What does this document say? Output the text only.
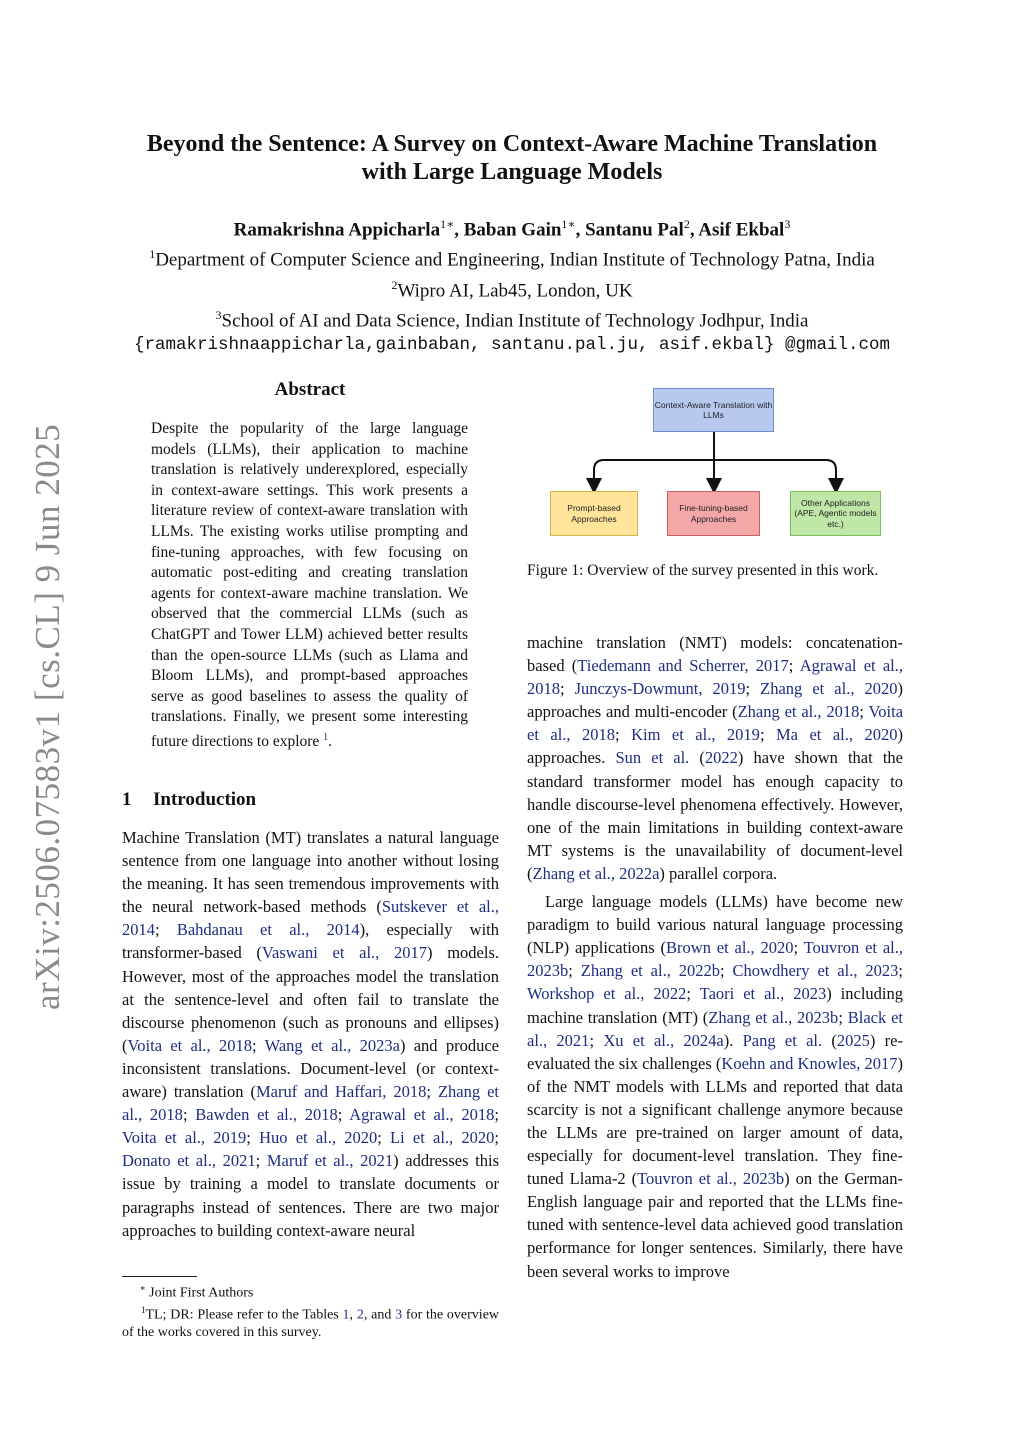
Beyond the Sentence: A Survey on Context-Aware Machine Translation
with Large Language Models
Ramakrishna Appicharla$^{1∗}$, Baban Gain$^{1∗}$, Santanu Pal$^2$, Asif Ekbal$^3$
$^1$Department of Computer Science and Engineering, Indian Institute of Technology Patna, India
$^2$Wipro AI, Lab45, London, UK
$^3$School of AI and Data Science, Indian Institute of Technology Jodhpur, India
{ramakrishnaappicharla,gainbaban, santanu.pal.ju, asif.ekbal} @gmail.com
arXiv:2506.07583v1 [cs.CL] 9 Jun 2025
Abstract
Despite the popularity of the large language models (LLMs), their application to machine translation is relatively underexplored, especially in context-aware settings. This work presents a literature review of context-aware translation with LLMs. The existing works utilise prompting and fine-tuning approaches, with few focusing on automatic post-editing and creating translation agents for context-aware machine translation. We observed that the commercial LLMs (such as ChatGPT and Tower LLM) achieved better results than the open-source LLMs (such as Llama and Bloom LLMs), and prompt-based approaches serve as good baselines to assess the quality of translations. Finally, we present some interesting future directions to explore $^1$.
1 Introduction
Machine Translation (MT) translates a natural language sentence from one language into another without losing the meaning. It has seen tremendous improvements with the neural network-based methods (Sutskever et al., 2014; Bahdanau et al., 2014), especially with transformer-based (Vaswani et al., 2017) models. However, most of the approaches model the translation at the sentence-level and often fail to translate the discourse phenomenon (such as pronouns and ellipses) (Voita et al., 2018; Wang et al., 2023a) and produce inconsistent translations. Document-level (or context-aware) translation (Maruf and Haffari, 2018; Zhang et al., 2018; Bawden et al., 2018; Agrawal et al., 2018; Voita et al., 2019; Huo et al., 2020; Li et al., 2020; Donato et al., 2021; Maruf et al., 2021) addresses this issue by training a model to translate documents or paragraphs instead of sentences. There are two major approaches to building context-aware neural

∗ Joint First Authors

$^1$TL; DR: Please refer to the Tables 1, 2, and 3 for the overview of the works covered in this survey.

Context-Aware Translation with LLMs
Prompt-based Approaches
Fine-tuning-based Approaches
Other Applications (APE, Agentic models etc.)
Figure 1: Overview of the survey presented in this work.

machine translation (NMT) models: concatenation-based (Tiedemann and Scherrer, 2017; Agrawal et al., 2018; Junczys-Dowmunt, 2019; Zhang et al., 2020) approaches and multi-encoder (Zhang et al., 2018; Voita et al., 2018; Kim et al., 2019; Ma et al., 2020) approaches. Sun et al. (2022) have shown that the standard transformer model has enough capacity to handle discourse-level phenomena effectively. However, one of the main limitations in building context-aware MT systems is the unavailability of document-level (Zhang et al., 2022a) parallel corpora.

Large language models (LLMs) have become new paradigm to build various natural language processing (NLP) applications (Brown et al., 2020; Touvron et al., 2023b; Zhang et al., 2022b; Chowdhery et al., 2023; Workshop et al., 2022; Taori et al., 2023) including machine translation (MT) (Zhang et al., 2023b; Black et al., 2021; Xu et al., 2024a). Pang et al. (2025) re-evaluated the six challenges (Koehn and Knowles, 2017) of the NMT models with LLMs and reported that data scarcity is not a significant challenge anymore because the LLMs are pre-trained on larger amount of data, especially for document-level translation. They fine-tuned Llama-2 (Touvron et al., 2023b) on the German-English language pair and reported that the LLMs fine-tuned with sentence-level data achieved good translation performance for longer sentences. Similarly, there have been several works to improve
